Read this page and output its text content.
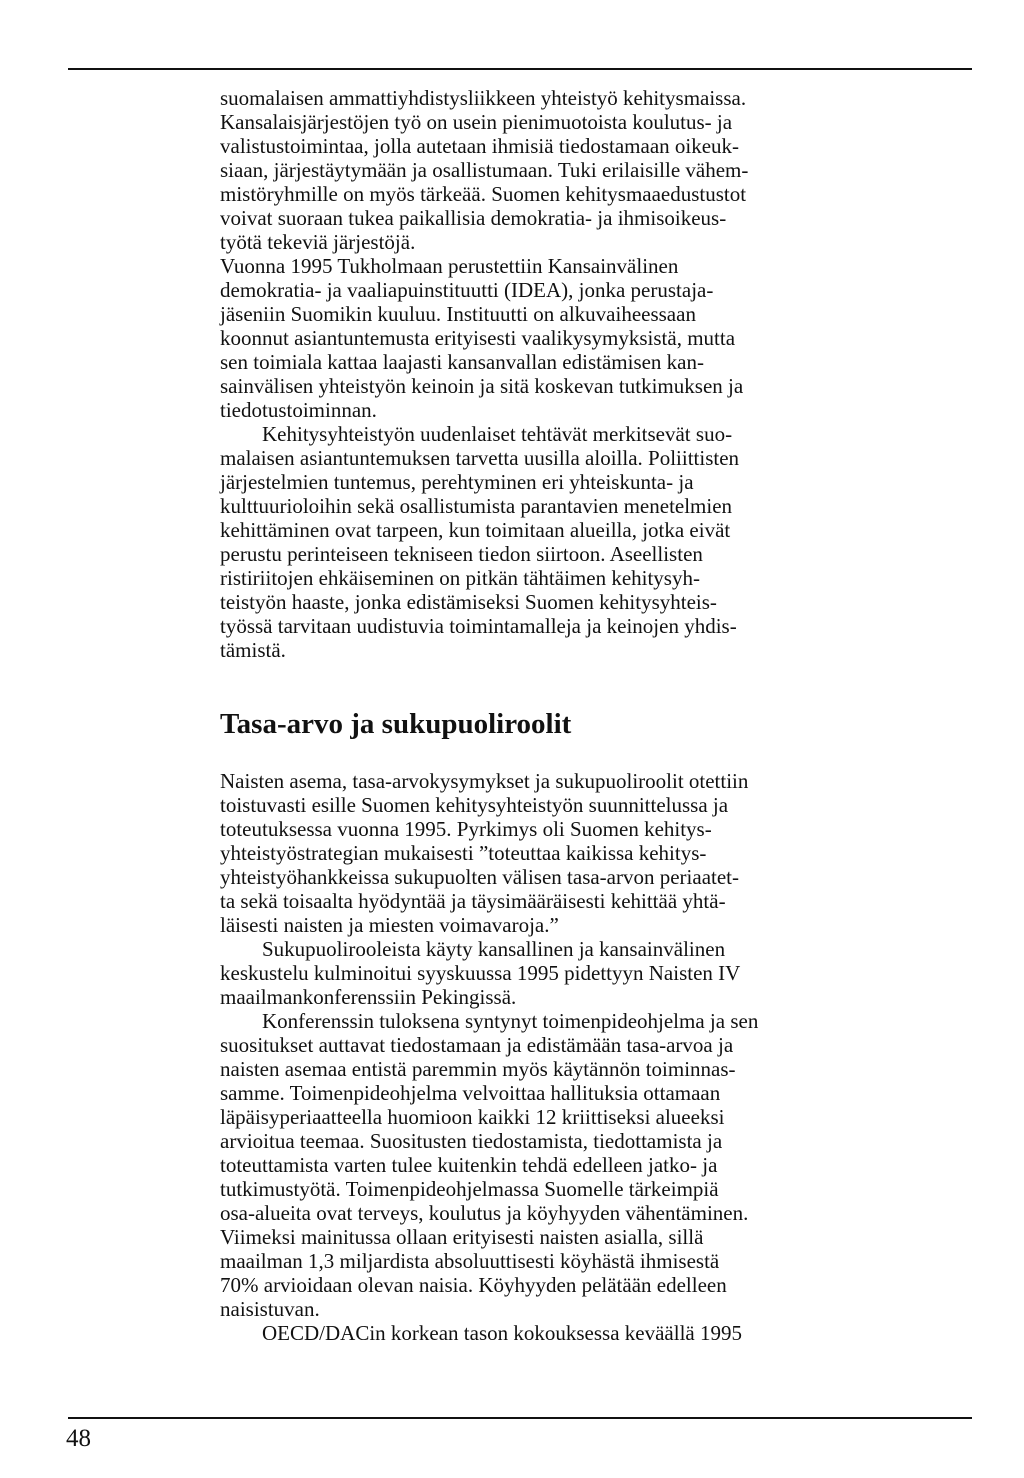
suomalaisen ammattiyhdistysliikkeen yhteistyö kehitysmaissa.
Kansalaisjärjestöjen työ on usein pienimuotoista koulutus- ja
valistustoimintaa, jolla autetaan ihmisiä tiedostamaan oikeuk-
siaan, järjestäytymään ja osallistumaan. Tuki erilaisille vähem-
mistöryhmille on myös tärkeää. Suomen kehitysmaaedustustot
voivat suoraan tukea paikallisia demokratia- ja ihmisoikeus-
työtä tekeviä järjestöjä.
Vuonna 1995 Tukholmaan perustettiin Kansainvälinen
demokratia- ja vaaliapuinstituutti (IDEA), jonka perustaja-
jäseniin Suomikin kuuluu. Instituutti on alkuvaiheessaan
koonnut asiantuntemusta erityisesti vaalikysymyksistä, mutta
sen toimiala kattaa laajasti kansanvallan edistämisen kan-
sainvälisen yhteistyön keinoin ja sitä koskevan tutkimuksen ja
tiedotustoiminnan.
Kehitysyhteistyön uudenlaiset tehtävät merkitsevät suo-
malaisen asiantuntemuksen tarvetta uusilla aloilla. Poliittisten
järjestelmien tuntemus, perehtyminen eri yhteiskunta- ja
kulttuurioloihin sekä osallistumista parantavien menetelmien
kehittäminen ovat tarpeen, kun toimitaan alueilla, jotka eivät
perustu perinteiseen tekniseen tiedon siirtoon. Aseellisten
ristiriitojen ehkäiseminen on pitkän tähtäimen kehitysyh-
teistyön haaste, jonka edistämiseksi Suomen kehitysyhteis-
työssä tarvitaan uudistuvia toimintamalleja ja keinojen yhdis-
tämistä.
Tasa-arvo ja sukupuoliroolit
Naisten asema, tasa-arvokysymykset ja sukupuoliroolit otettiin
toistuvasti esille Suomen kehitysyhteistyön suunnittelussa ja
toteutuksessa vuonna 1995. Pyrkimys oli Suomen kehitys-
yhteistyöstrategian mukaisesti ”toteuttaa kaikissa kehitys-
yhteistyöhankkeissa sukupuolten välisen tasa-arvon periaatet-
ta sekä toisaalta hyödyntää ja täysimääräisesti kehittää yhtä-
läisesti naisten ja miesten voimavaroja.”
Sukupuolirooleista käyty kansallinen ja kansainvälinen
keskustelu kulminoitui syyskuussa 1995 pidettyyn Naisten IV
maailmankonferenssiin Pekingissä.
Konferenssin tuloksena syntynyt toimenpideohjelma ja sen
suositukset auttavat tiedostamaan ja edistämään tasa-arvoa ja
naisten asemaa entistä paremmin myös käytännön toiminnas-
samme. Toimenpideohjelma velvoittaa hallituksia ottamaan
läpäisyperiaatteella huomioon kaikki 12 kriittiseksi alueeksi
arvioitua teemaa. Suositusten tiedostamista, tiedottamista ja
toteuttamista varten tulee kuitenkin tehdä edelleen jatko- ja
tutkimustyötä. Toimenpideohjelmassa Suomelle tärkeimpiä
osa-alueita ovat terveys, koulutus ja köyhyyden vähentäminen.
Viimeksi mainitussa ollaan erityisesti naisten asialla, sillä
maailman 1,3 miljardista absoluuttisesti köyhästä ihmisestä
70% arvioidaan olevan naisia. Köyhyyden pelätään edelleen
naisistuvan.
OECD/DACin korkean tason kokouksessa keväällä 1995
48
